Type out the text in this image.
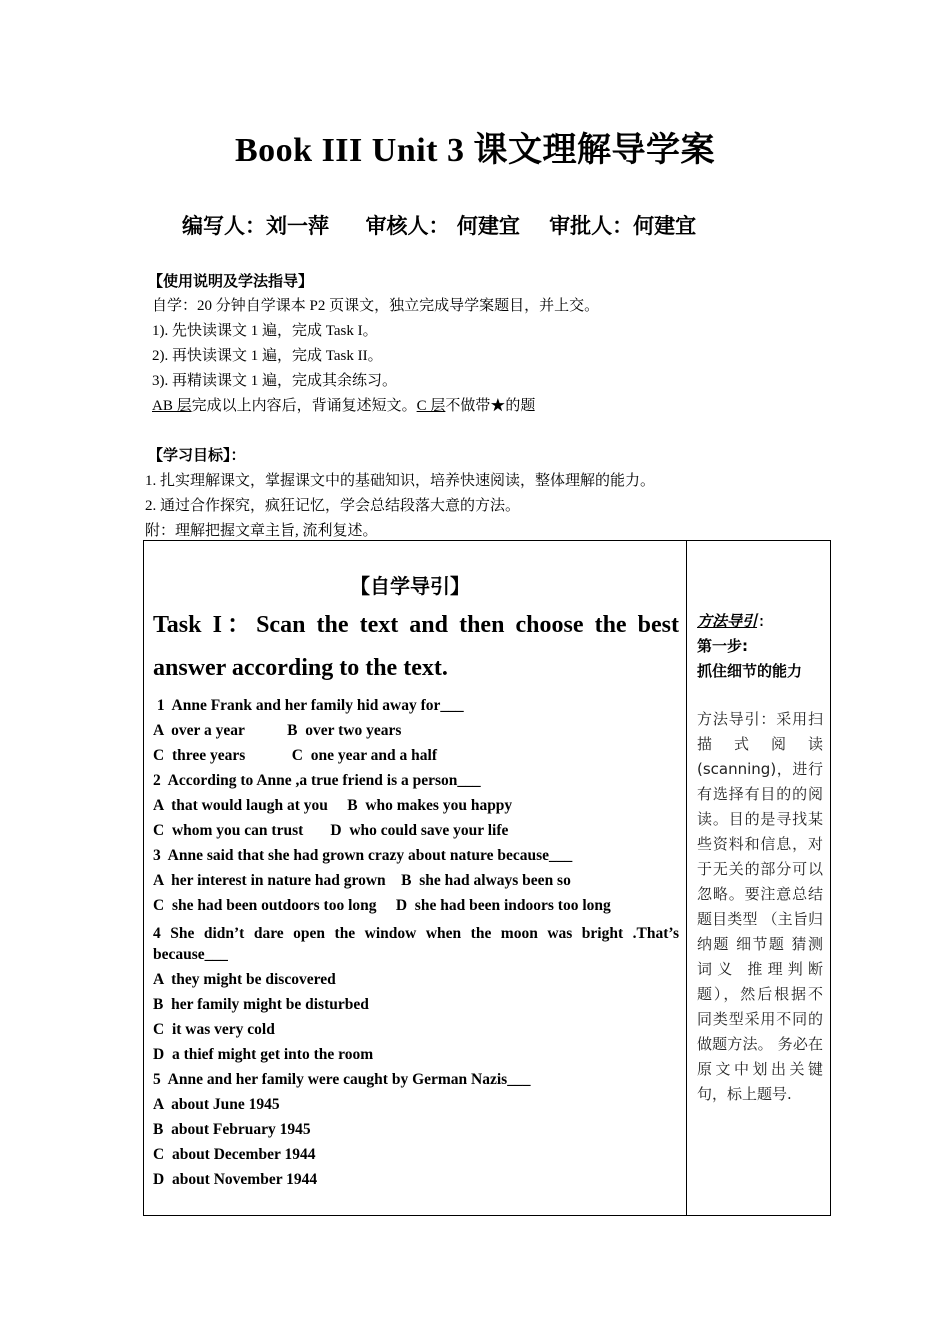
Book III Unit 3 课文理解导学案
编写人：刘一萍     审核人： 何建宜    审批人：何建宜
【使用说明及学法指导】
自学：20 分钟自学课本 P2 页课文，独立完成导学案题目，并上交。
1). 先快读课文 1 遍，完成 Task I。
2). 再快读课文 1 遍，完成 Task II。
3). 再精读课文 1 遍，完成其余练习。
AB 层完成以上内容后，背诵复述短文。C 层不做带★的题
【学习目标】：
1. 扎实理解课文，掌握课文中的基础知识，培养快速阅读，整体理解的能力。
2. 通过合作探究，疯狂记忆，学会总结段落大意的方法。
附：理解把握文章主旨, 流利复述。
【自学导引】
Task I：Scan the text and then choose the best
answer according to the text.
1  Anne Frank and her family hid away for___
A  over a year           B  over two years
C  three years            C  one year and a half
2  According to Anne ,a true friend is a person___
A  that would laugh at you     B  who makes you happy
C  whom you can trust       D  who could save your life
3  Anne said that she had grown crazy about nature because___
A  her interest in nature had grown    B  she had always been so
C  she had been outdoors too long     D  she had been indoors too long
4 She didn’t dare open the window when the moon was bright .That’s
because___
A  they might be discovered
B  her family might be disturbed
C  it was very cold
D  a thief might get into the room
5  Anne and her family were caught by German Nazis___
A  about June 1945
B  about February 1945
C  about December 1944
D  about November 1944
方法导引:
第一步:
抓住细节的能力
方法导引：采用扫描式阅读(scanning)，进行有选择有目的的阅读。目的是寻找某些资料和信息，对于无关的部分可以忽略。要注意总结题目类型 （主旨归纳题 细节题 猜测词义 推理判断题），然后根据不同类型采用不同的做题方法。 务必在原文中划出关键句，标上题号.
